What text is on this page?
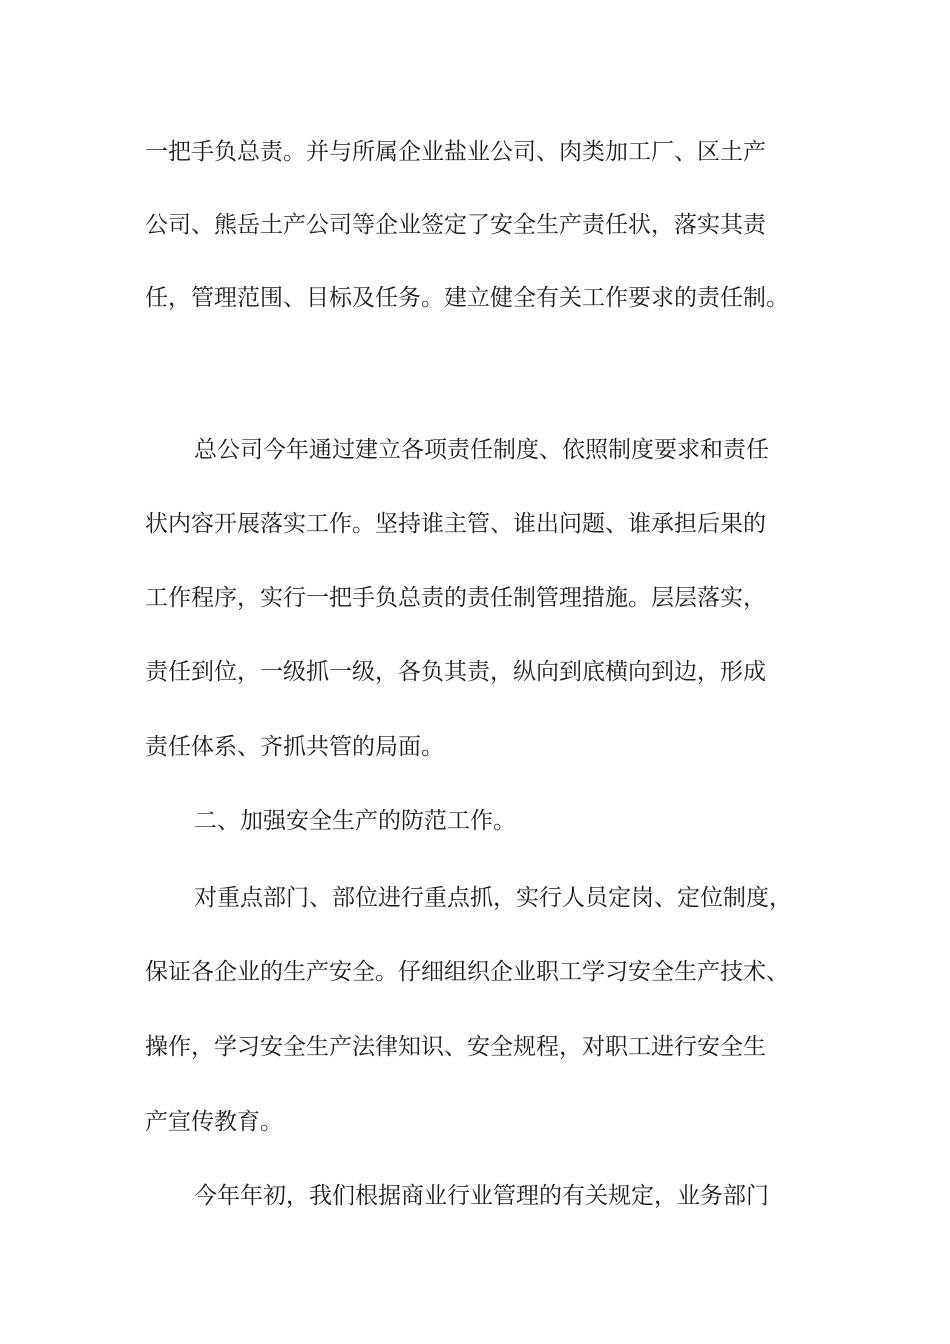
一把手负总责。并与所属企业盐业公司、肉类加工厂、区土产
公司、熊岳土产公司等企业签定了安全生产责任状，落实其责
任，管理范围、目标及任务。建立健全有关工作要求的责任制。
总公司今年通过建立各项责任制度、依照制度要求和责任
状内容开展落实工作。坚持谁主管、谁出问题、谁承担后果的
工作程序，实行一把手负总责的责任制管理措施。层层落实，
责任到位，一级抓一级，各负其责，纵向到底横向到边，形成
责任体系、齐抓共管的局面。
二、加强安全生产的防范工作。
对重点部门、部位进行重点抓，实行人员定岗、定位制度，
保证各企业的生产安全。仔细组织企业职工学习安全生产技术、
操作，学习安全生产法律知识、安全规程，对职工进行安全生
产宣传教育。
今年年初，我们根据商业行业管理的有关规定，业务部门
